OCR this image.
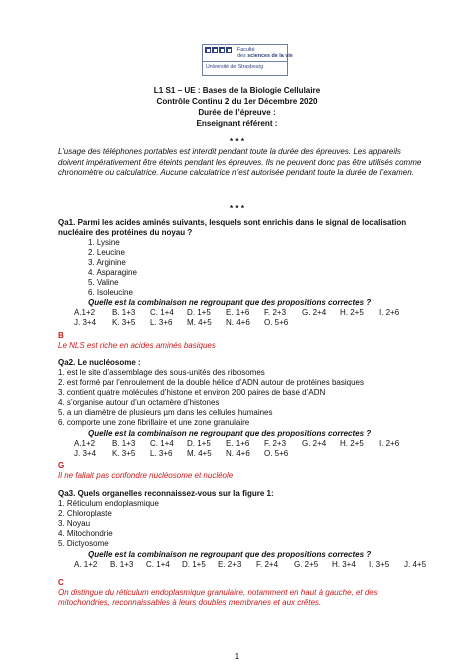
Faculté
des sciences de la vie
Université de Strasbourg
L1 S1 – UE : Bases de la Biologie Cellulaire
Contrôle Continu 2 du 1er Décembre 2020
Durée de l’épreuve :
Enseignant référent :
* * *
L’usage des téléphones portables est interdit pendant toute la durée des épreuves. Les appareils doivent impérativement être éteints pendant les épreuves. Ils ne peuvent donc pas être utilisés comme chronomètre ou calculatrice. Aucune calculatrice n’est autorisée pendant toute la durée de l’examen.
* * *
Qa1. Parmi les acides aminés suivants, lesquels sont enrichis dans le signal de localisation
nucléaire des protéines du noyau ?
1. Lysine
2. Leucine
3. Arginine
4. Asparagine
5. Valine
6. Isoleucine
Quelle est la combinaison ne regroupant que des propositions correctes ?
A.1+2 B. 1+3 C. 1+4 D. 1+5 E. 1+6 F. 2+3 G. 2+4 H. 2+5 I. 2+6
J. 3+4 K. 3+5 L. 3+6 M. 4+5 N. 4+6 O. 5+6
B
Le NLS est riche en acides aminés basiques
Qa2. Le nucléosome :
1. est le site d’assemblage des sous-unités des ribosomes
2. est formé par l’enroulement de la double hélice d’ADN autour de protéines basiques
3. contient quatre molécules d’histone et environ 200 paires de base d’ADN
4. s’organise autour d’un octamère d’histones
5. a un diamètre de plusieurs µm dans les cellules humaines
6. comporte une zone fibrillaire et une zone granulaire
Quelle est la combinaison ne regroupant que des propositions correctes ?
A.1+2 B. 1+3 C. 1+4 D. 1+5 E. 1+6 F. 2+3 G. 2+4 H. 2+5 I. 2+6
J. 3+4 K. 3+5 L. 3+6 M. 4+5 N. 4+6 O. 5+6
G
Il ne fallait pas confondre nucléosome et nucléole
Qa3. Quels organelles reconnaissez-vous sur la figure 1:
1. Réticulum endoplasmique
2. Chloroplaste
3. Noyau
4. Mitochondrie
5. Dictyosome
Quelle est la combinaison ne regroupant que des propositions correctes ?
A. 1+2 B. 1+3 C. 1+4 D. 1+5 E. 2+3 F. 2+4 G. 2+5 H. 3+4 I. 3+5 J. 4+5
C
On distingue du réticulum endoplasmique granulaire, notamment en haut à gauche, et des
mitochondries, reconnaissables à leurs doubles membranes et aux crêtes.
1
